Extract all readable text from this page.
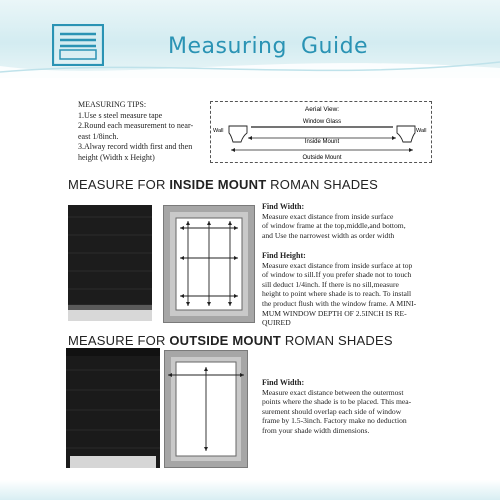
Measuring Guide
MEASURING TIPS:
1.Use s steel measure tape
2.Round each measurement to near-
east 1/8inch.
3.Alway record width first and then
height (Width x Height)
Aerial View:
Window Glass
Wall	Wall
Inside Mount
Outside Mount
MEASURE FOR INSIDE MOUNT ROMAN SHADES
Find Width:
Measure exact distance from inside surface
of window frame at the top,middle,and bottom,
and Use the narrowest width as order width
Find Height:
Measure exact distance from inside surface at top
of window to sill.If you prefer shade not to touch
sill deduct 1/4inch. If there is no sill,measure
height to point where shade is to reach. To install
the product flush with the window frame. A MINI-
MUM WINDOW DEPTH OF 2.5INCH IS RE-
QUIRED
MEASURE FOR OUTSIDE MOUNT ROMAN SHADES
Find Width:
Measure exact distance between the outermost
points where the shade is to be placed. This mea-
surement should overlap each side of window
frame by 1.5-3inch. Factory make no deduction
from your shade width dimensions.
